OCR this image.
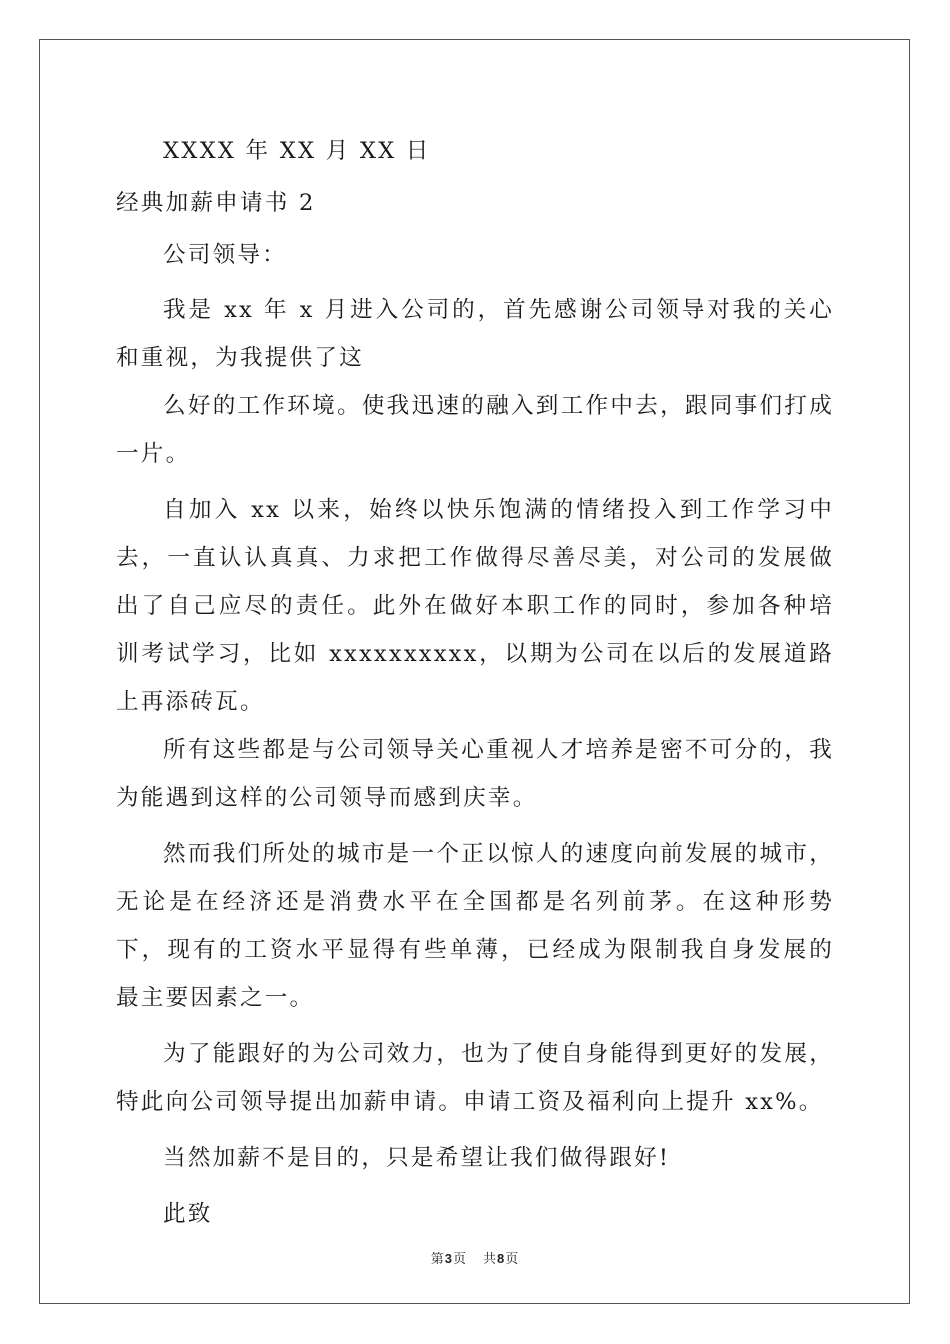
XXXX 年 XX 月 XX 日

经典加薪申请书 2

公司领导：

我是 xx 年 x 月进入公司的，首先感谢公司领导对我的关心和重视，为我提供了这

么好的工作环境。使我迅速的融入到工作中去，跟同事们打成一片。

自加入 xx 以来，始终以快乐饱满的情绪投入到工作学习中去，一直认认真真、力求把工作做得尽善尽美，对公司的发展做出了自己应尽的责任。此外在做好本职工作的同时，参加各种培训考试学习，比如 xxxxxxxxxx，以期为公司在以后的发展道路上再添砖瓦。

所有这些都是与公司领导关心重视人才培养是密不可分的，我为能遇到这样的公司领导而感到庆幸。

然而我们所处的城市是一个正以惊人的速度向前发展的城市，无论是在经济还是消费水平在全国都是名列前茅。在这种形势下，现有的工资水平显得有些单薄，已经成为限制我自身发展的最主要因素之一。

为了能跟好的为公司效力，也为了使自身能得到更好的发展，特此向公司领导提出加薪申请。申请工资及福利向上提升 xx%。

当然加薪不是目的，只是希望让我们做得跟好!

此致

第3页 共8页
